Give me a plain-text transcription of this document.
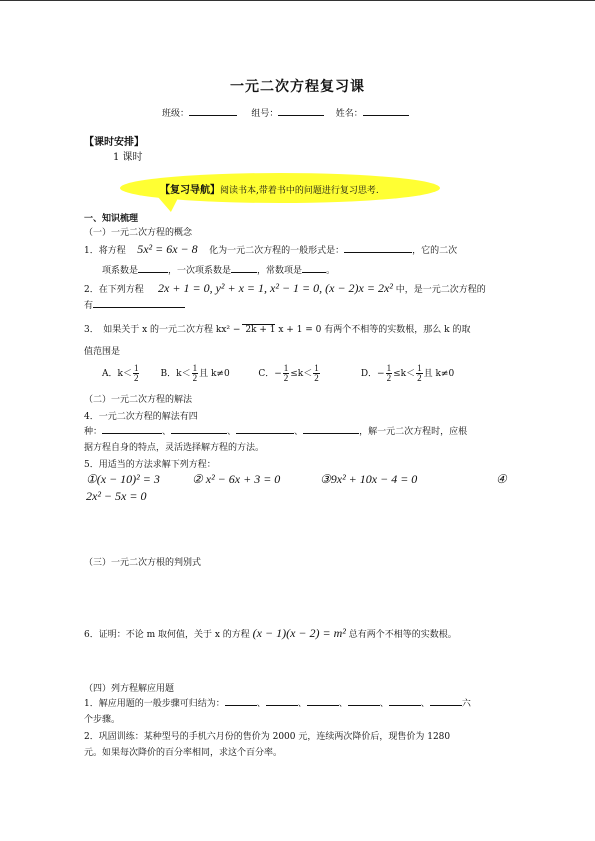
一元二次方程复习课
班级：	组号：	姓名：
【课时安排】
1 课时
【复习导航】阅读书本,带着书中的问题进行复习思考.
一、知识梳理
（一）一元二次方程的概念
1．将方程 5x² = 6x − 8 化为一元二次方程的一般形式是：	，它的二次
项系数是	，一次项系数是	，常数项是	。
2．在下列方程 2x + 1 = 0, y² + x = 1, x² − 1 = 0, (x − 2)x = 2x² 中，是一元二次方程的
有
3．　如果关于 x 的一元二次方程 kx² − 2k + 1 x + 1 = 0 有两个不相等的实数根，那么 k 的取
值范围是
A．$k< \frac{1}{2}$ B．$k< \frac{1}{2}$ 且 k≠0	C．− $\frac{1}{2} \le k< \frac{1}{2}$	D．− $\frac{1}{2} \le k< \frac{1}{2}$ 且 k≠0
（二）一元二次方程的解法
4．一元二次方程的解法有四
种：	、	、	、	，解一元二次方程时，应根
据方程自身的特点，灵活选择解方程的方法。
5．用适当的方法求解下列方程：
①(x − 10)² = 3	② x² − 6x + 3 = 0	③9x² + 10x − 4 = 0	④
2x² − 5x = 0
（三）一元二次方根的判别式
6．证明：不论 m 取何值，关于 x 的方程 (x − 1)(x − 2) = m² 总有两个不相等的实数根。
（四）列方程解应用题
1．解应用题的一般步骤可归结为：	、	、	、	、	、	六
个步骤。
2．巩固训练：某种型号的手机六月份的售价为 2000 元，连续两次降价后，现售价为 1280
元。如果每次降价的百分率相同，求这个百分率。
